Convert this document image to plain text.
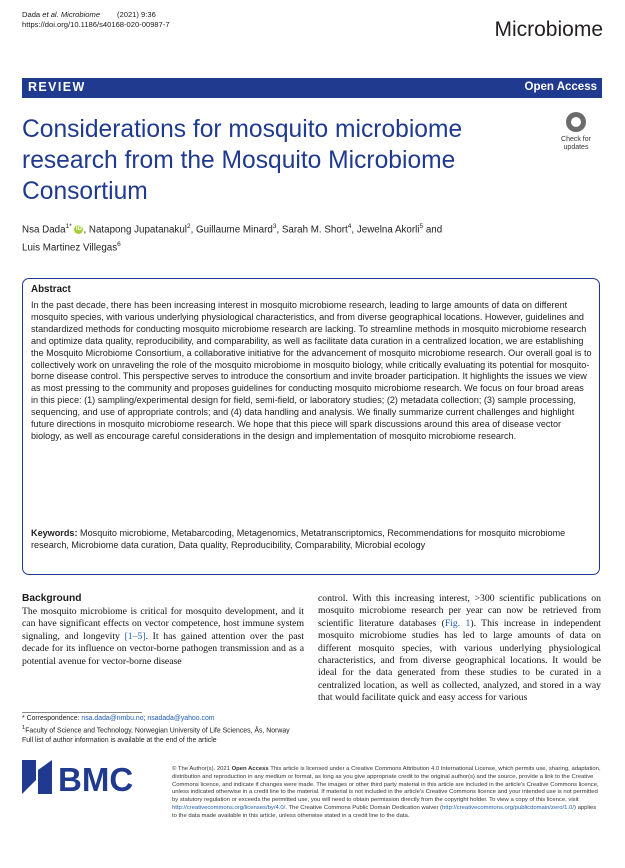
Dada et al. Microbiome (2021) 9:36
https://doi.org/10.1186/s40168-020-00987-7	Microbiome
REVIEW	Open Access
Considerations for mosquito microbiome research from the Mosquito Microbiome Consortium
Check for
updates
Nsa Dada$^{1*}$ iD , Natapong Jupatanakul$^2$, Guillaume Minard$^3$, Sarah M. Short$^4$, Jewelna Akorli$^5$ and
Luis Martinez Villegas$^6$
Abstract
In the past decade, there has been increasing interest in mosquito microbiome research, leading to large amounts of data on different mosquito species, with various underlying physiological characteristics, and from diverse geographical locations. However, guidelines and standardized methods for conducting mosquito microbiome research are lacking. To streamline methods in mosquito microbiome research and optimize data quality, reproducibility, and comparability, as well as facilitate data curation in a centralized location, we are establishing the Mosquito Microbiome Consortium, a collaborative initiative for the advancement of mosquito microbiome research. Our overall goal is to collectively work on unraveling the role of the mosquito microbiome in mosquito biology, while critically evaluating its potential for mosquito-borne disease control. This perspective serves to introduce the consortium and invite broader participation. It highlights the issues we view as most pressing to the community and proposes guidelines for conducting mosquito microbiome research. We focus on four broad areas in this piece: (1) sampling/experimental design for field, semi-field, or laboratory studies; (2) metadata collection; (3) sample processing, sequencing, and use of appropriate controls; and (4) data handling and analysis. We finally summarize current challenges and highlight future directions in mosquito microbiome research. We hope that this piece will spark discussions around this area of disease vector biology, as well as encourage careful considerations in the design and implementation of mosquito microbiome research.
Keywords: Mosquito microbiome, Metabarcoding, Metagenomics, Metatranscriptomics, Recommendations for mosquito microbiome research, Microbiome data curation, Data quality, Reproducibility, Comparability, Microbial ecology
Background
The mosquito microbiome is critical for mosquito development, and it can have significant effects on vector competence, host immune system signaling, and longevity [1–5]. It has gained attention over the past decade for its influence on vector-borne pathogen transmission and as a potential avenue for vector-borne disease
control. With this increasing interest, >300 scientific publications on mosquito microbiome research per year can now be retrieved from scientific literature databases (Fig. 1). This increase in independent mosquito microbiome studies has led to large amounts of data on different mosquito species, with various underlying physiological characteristics, and from diverse geographical locations. It would be ideal for the data generated from these studies to be curated in a centralized location, as well as collected, analyzed, and stored in a way that would facilitate quick and easy access for various
* Correspondence: nsa.dada@nmbu.no; nsadada@yahoo.com
$^1$Faculty of Science and Technology, Norwegian University of Life Sciences, Ås, Norway
Full list of author information is available at the end of the article
BMC	© The Author(s). 2021 Open Access This article is licensed under a Creative Commons Attribution 4.0 International License, which permits use, sharing, adaptation, distribution and reproduction in any medium or format, as long as you give appropriate credit to the original author(s) and the source, provide a link to the Creative Commons licence, and indicate if changes were made. The images or other third party material in this article are included in the article's Creative Commons licence, unless indicated otherwise in a credit line to the material. If material is not included in the article's Creative Commons licence and your intended use is not permitted by statutory regulation or exceeds the permitted use, you will need to obtain permission directly from the copyright holder. To view a copy of this licence, visit http://creativecommons.org/licenses/by/4.0/. The Creative Commons Public Domain Dedication waiver (http://creativecommons.org/publicdomain/zero/1.0/) applies to the data made available in this article, unless otherwise stated in a credit line to the data.
